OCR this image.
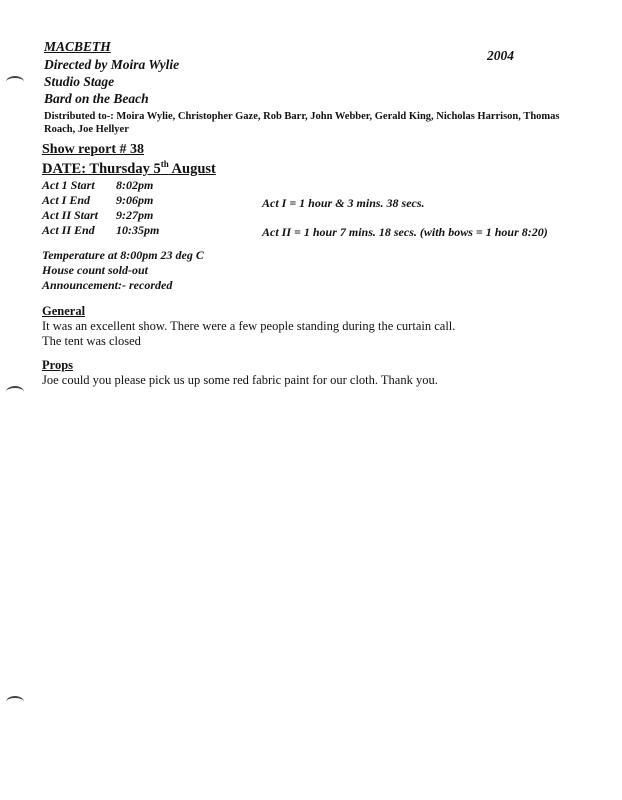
MACBETH
Directed by Moira Wylie
Studio Stage
Bard on the Beach
2004
Distributed to-: Moira Wylie, Christopher Gaze, Rob Barr, John Webber, Gerald King, Nicholas Harrison, Thomas
Roach, Joe Hellyer
Show report # 38
DATE: Thursday 5th August
Act 1 Start 8:02pm
Act I End 9:06pm
Act II Start 9:27pm
Act II End 10:35pm
Act I = 1 hour & 3 mins. 38 secs.
Act II = 1 hour 7 mins. 18 secs. (with bows = 1 hour 8:20)
Temperature at 8:00pm 23 deg C
House count sold-out
Announcement:- recorded
General
It was an excellent show. There were a few people standing during the curtain call.
The tent was closed
Props
Joe could you please pick us up some red fabric paint for our cloth. Thank you.
